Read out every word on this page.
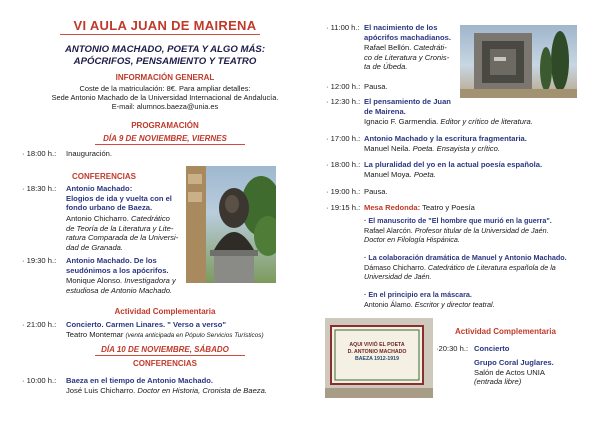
VI AULA JUAN DE MAIRENA
ANTONIO MACHADO, POETA Y ALGO MÁS:
APÓCRIFOS, PENSAMIENTO Y TEATRO
INFORMACIÓN GENERAL
Coste de la matriculación: 8€. Para ampliar detalles:
Sede Antonio Machado de la Universidad Internacional de Andalucía.
E-mail: alumnos.baeza@unia.es
PROGRAMACIÓN
DÍA 9 DE NOVIEMBRE, VIERNES
· 18:00 h.: Inauguración.
CONFERENCIAS
· 18:30 h.: Antonio Machado:
Elogios de ida y vuelta con el
fondo urbano de Baeza.
Antonio Chicharro. Catedrático
de Teoría de la Literatura y Lite-
ratura Comparada de la Universi-
dad de Granada.
· 19:30 h.: Antonio Machado. De los
seudónimos a los apócrifos.
Monique Alonso. Investigadora y
estudiosa de Antonio Machado.
Actividad Complementaria
· 21:00 h.: Concierto. Carmen Linares. " Verso a verso"
Teatro Montemar (venta anticipada en Pópulo Servicios Turísticos)
DÍA 10 DE NOVIEMBRE, SÁBADO
CONFERENCIAS
· 10:00 h.: Baeza en el tiempo de Antonio Machado.
José Luis Chicharro. Doctor en Historia, Cronista de Baeza.
· 11:00 h.: El nacimiento de los
apócrifos machadianos.
Rafael Bellón. Catedráti-
co de Literatura y Cronis-
ta de Úbeda.
· 12:00 h.: Pausa.
· 12:30 h.: El pensamiento de Juan
de Mairena.
Ignacio F. Garmendia. Editor y crítico de literatura.
· 17:00 h.: Antonio Machado y la escritura fragmentaria.
Manuel Neila. Poeta. Ensayista y crítico.
· 18:00 h.: La pluralidad del yo en la actual poesía española.
Manuel Moya. Poeta.
· 19:00 h.: Pausa.
· 19:15 h.: Mesa Redonda: Teatro y Poesía
· El manuscrito de "El hombre que murió en la guerra".
Rafael Alarcón. Profesor titular de la Universidad de Jaén.
Doctor en Filología Hispánica.
· La colaboración dramática de Manuel y Antonio Machado.
Dámaso Chicharro. Catedrático de Literatura española de la
Universidad de Jaén.
· En el principio era la máscara.
Antonio Álamo. Escritor y director teatral.
AQUI VIVIÓ EL POETA
D. ANTONIO MACHADO
BAEZA 1912-1919
Actividad Complementaria
·20:30 h.: Concierto
Grupo Coral Juglares.
Salón de Actos UNIA
(entrada libre)
